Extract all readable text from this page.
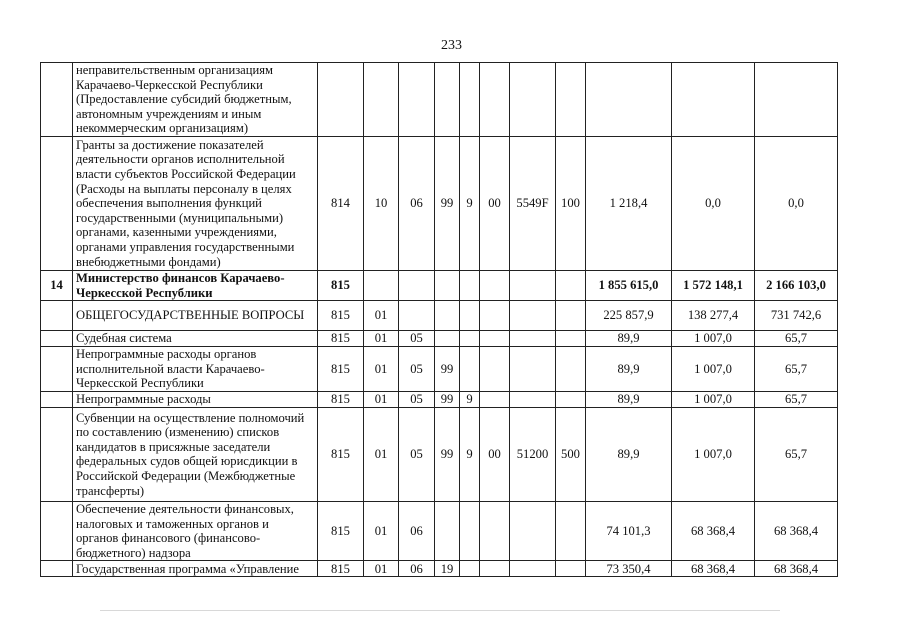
233
	неправительственным организациям Карачаево-Черкесской Республики (Предоставление субсидий бюджетным, автономным учреждениям и иным некоммерческим организациям)											
	Гранты за достижение показателей деятельности органов исполнительной власти субъектов Российской Федерации (Расходы на выплаты персоналу в целях обеспечения выполнения функций государственными (муниципальными) органами, казенными учреждениями, органами управления государственными внебюджетными фондами)	814	10	06	99	9	00	5549F	100	1 218,4	0,0	0,0
14	Министерство финансов Карачаево-Черкесской Республики	815								1 855 615,0	1 572 148,1	2 166 103,0
	ОБЩЕГОСУДАРСТВЕННЫЕ ВОПРОСЫ	815	01							225 857,9	138 277,4	731 742,6
	Судебная система	815	01	05						89,9	1 007,0	65,7
	Непрограммные расходы органов исполнительной власти Карачаево-Черкесской Республики	815	01	05	99					89,9	1 007,0	65,7
	Непрограммные расходы	815	01	05	99	9				89,9	1 007,0	65,7
	Субвенции на осуществление полномочий по составлению (изменению) списков кандидатов в присяжные заседатели федеральных судов общей юрисдикции в Российской Федерации (Межбюджетные трансферты)	815	01	05	99	9	00	51200	500	89,9	1 007,0	65,7
	Обеспечение деятельности финансовых, налоговых и таможенных органов и органов финансового (финансово-бюджетного) надзора	815	01	06						74 101,3	68 368,4	68 368,4
	Государственная программа «Управление	815	01	06	19					73 350,4	68 368,4	68 368,4
